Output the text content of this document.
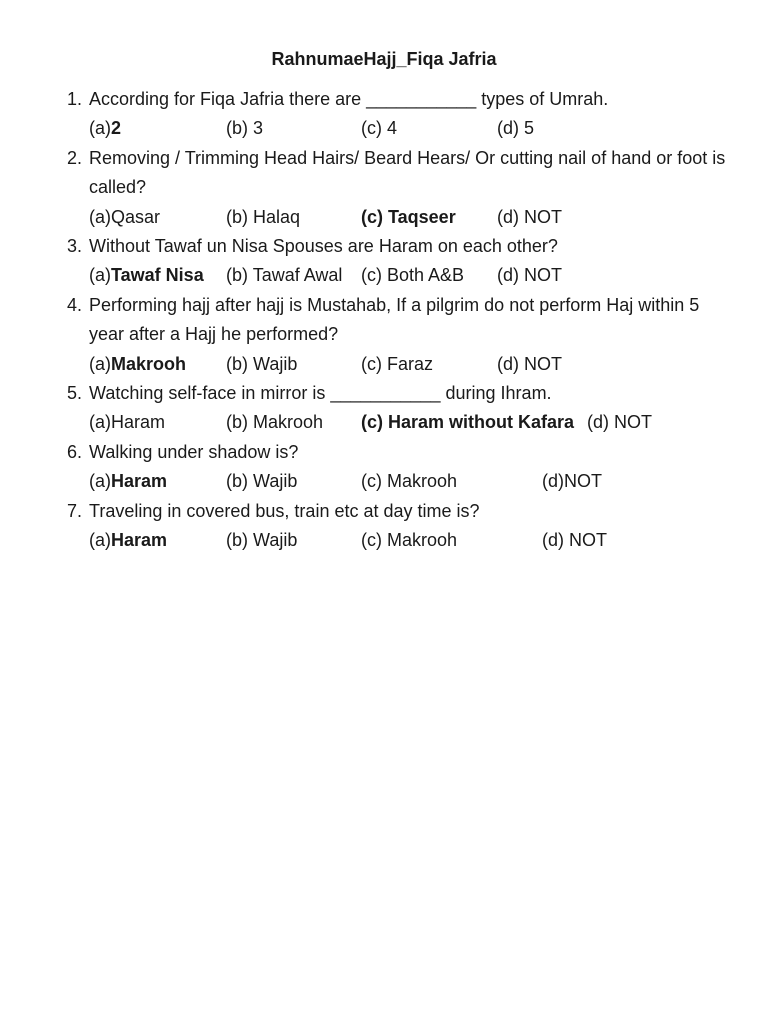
RahnumaeHajj_Fiqa Jafria
1. According for Fiqa Jafria there are ___________ types of Umrah.
(a)2	(b) 3	(c) 4	(d) 5
2. Removing / Trimming Head Hairs/ Beard Hears/ Or cutting nail of hand or foot is called?
(a)Qasar	(b) Halaq	(c) Taqseer (d) NOT
3. Without Tawaf un Nisa Spouses are Haram on each other?
(a)Tawaf Nisa (b) Tawaf Awal (c) Both A&B (d) NOT
4. Performing hajj after hajj is Mustahab, If a pilgrim do not perform Haj within 5 year after a Hajj he performed?
(a)Makrooh (b) Wajib	(c) Faraz	(d) NOT
5. Watching self-face in mirror is ___________ during Ihram.
(a)Haram	(b) Makrooh (c) Haram without Kafara (d) NOT
6. Walking under shadow is?
(a)Haram	(b) Wajib	(c) Makrooh	(d)NOT
7. Traveling in covered bus, train etc at day time is?
(a)Haram	(b) Wajib	(c) Makrooh	(d) NOT
